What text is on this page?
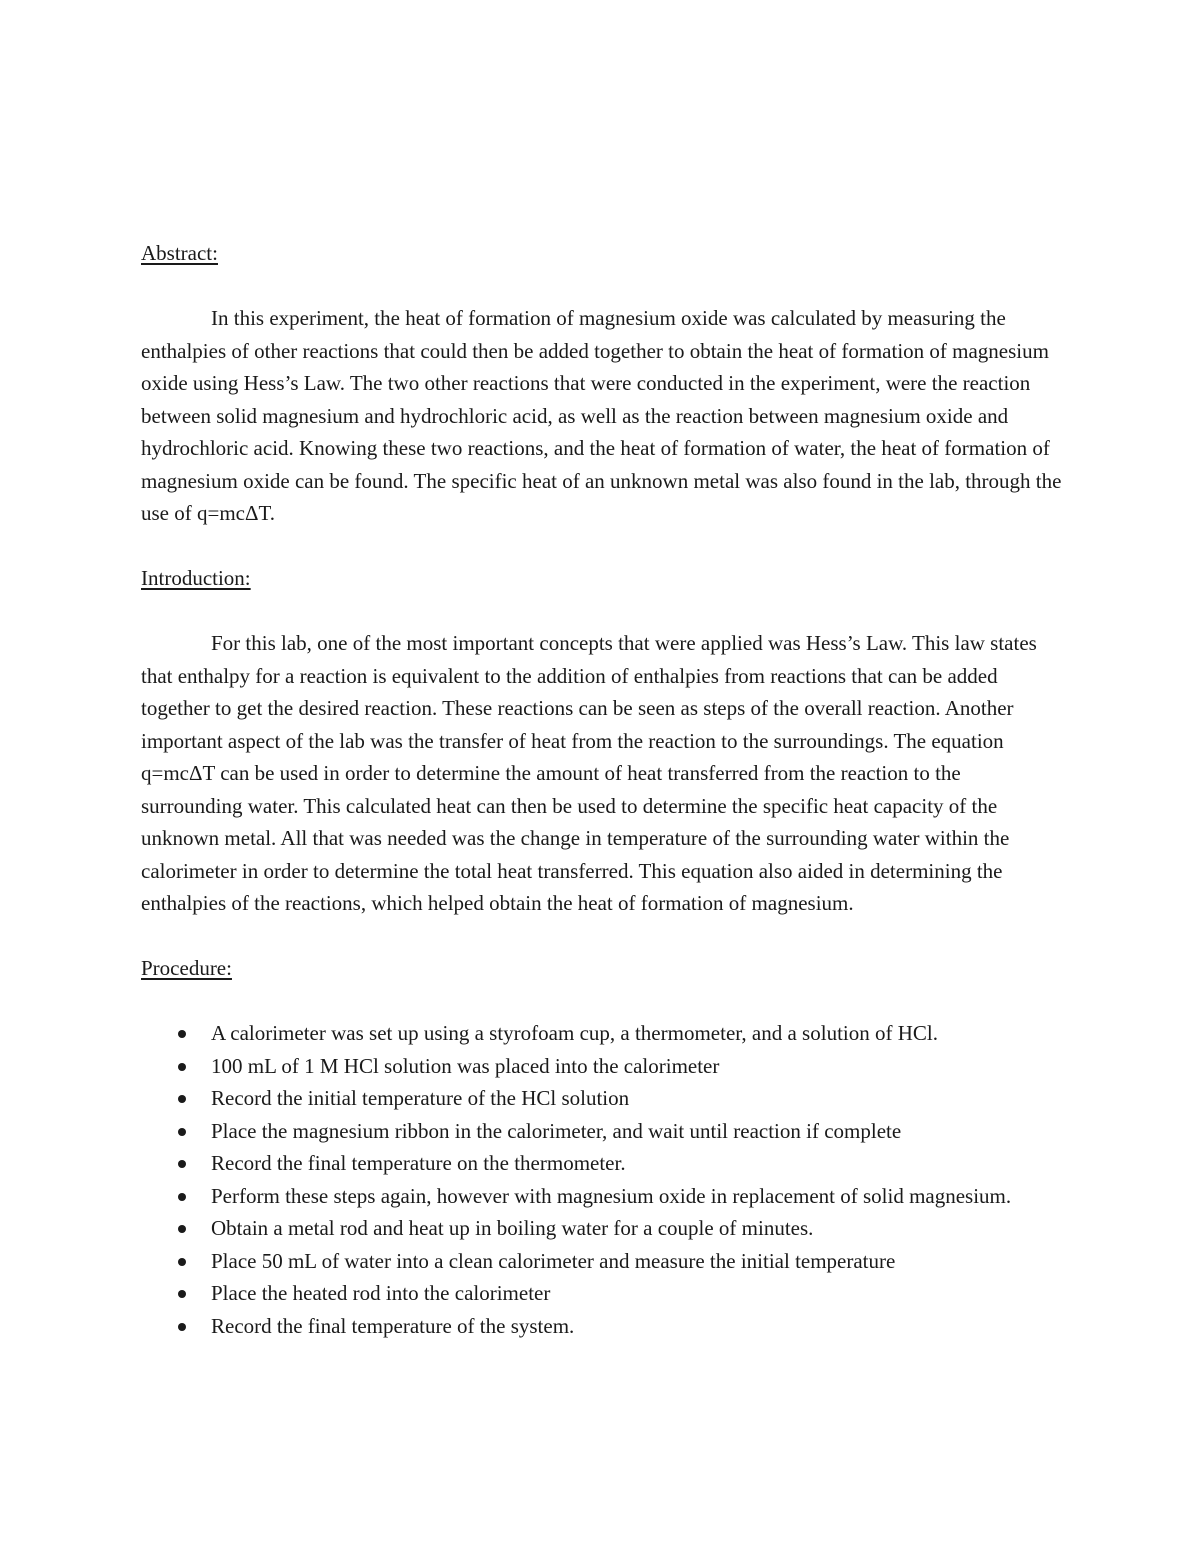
Abstract:

In this experiment, the heat of formation of magnesium oxide was calculated by measuring the enthalpies of other reactions that could then be added together to obtain the heat of formation of magnesium oxide using Hess’s Law. The two other reactions that were conducted in the experiment, were the reaction between solid magnesium and hydrochloric acid, as well as the reaction between magnesium oxide and hydrochloric acid. Knowing these two reactions, and the heat of formation of water, the heat of formation of magnesium oxide can be found. The specific heat of an unknown metal was also found in the lab, through the use of q=mcΔT.

Introduction:

For this lab, one of the most important concepts that were applied was Hess’s Law. This law states that enthalpy for a reaction is equivalent to the addition of enthalpies from reactions that can be added together to get the desired reaction. These reactions can be seen as steps of the overall reaction. Another important aspect of the lab was the transfer of heat from the reaction to the surroundings. The equation q=mcΔT can be used in order to determine the amount of heat transferred from the reaction to the surrounding water. This calculated heat can then be used to determine the specific heat capacity of the unknown metal. All that was needed was the change in temperature of the surrounding water within the calorimeter in order to determine the total heat transferred. This equation also aided in determining the enthalpies of the reactions, which helped obtain the heat of formation of magnesium.

Procedure:

A calorimeter was set up using a styrofoam cup, a thermometer, and a solution of HCl.
100 mL of 1 M HCl solution was placed into the calorimeter
Record the initial temperature of the HCl solution
Place the magnesium ribbon in the calorimeter, and wait until reaction if complete
Record the final temperature on the thermometer.
Perform these steps again, however with magnesium oxide in replacement of solid magnesium.
Obtain a metal rod and heat up in boiling water for a couple of minutes.
Place 50 mL of water into a clean calorimeter and measure the initial temperature
Place the heated rod into the calorimeter
Record the final temperature of the system.
